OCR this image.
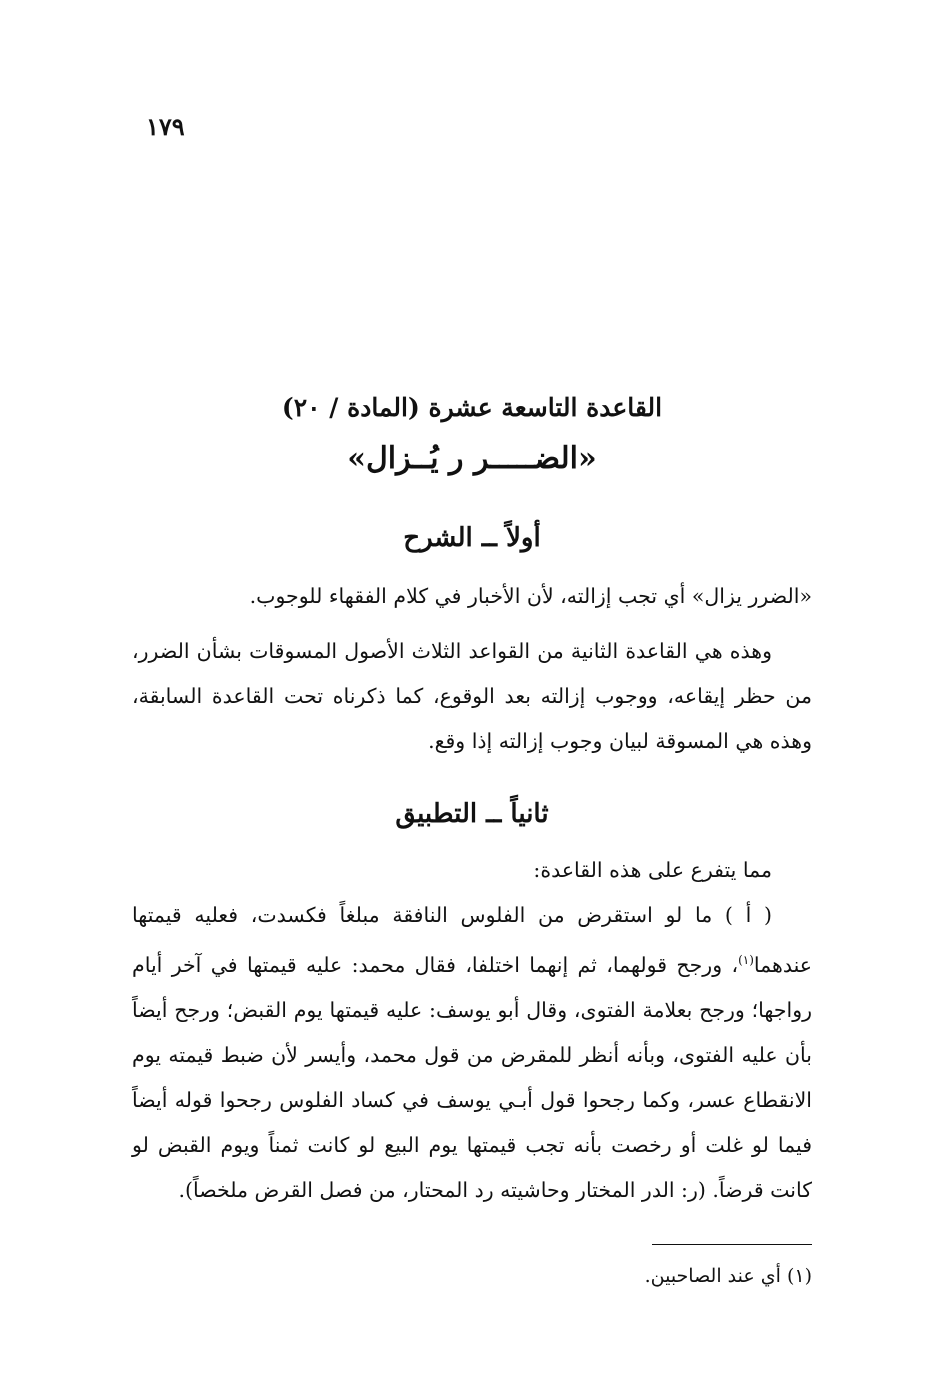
١٧٩
القاعدة التاسعة عشرة (المادة / ٢٠)
«الضـــــر ر يُــزال»
أولاً ــ الشرح

«الضرر يزال» أي تجب إزالته، لأن الأخبار في كلام الفقهاء للوجوب.

وهذه هي القاعدة الثانية من القواعد الثلاث الأصول المسوقات بشأن الضرر، من حظر إيقاعه، ووجوب إزالته بعد الوقوع، كما ذكرناه تحت القاعدة السابقة، وهذه هي المسوقة لبيان وجوب إزالته إذا وقع.

ثانياً ــ التطبيق

مما يتفرع على هذه القاعدة:

( أ ) ما لو استقرض من الفلوس النافقة مبلغاً فكسدت، فعليه قيمتها عندهما$^{(١)}$، ورجح قولهما، ثم إنهما اختلفا، فقال محمد: عليه قيمتها في آخر أيام رواجها؛ ورجح بعلامة الفتوى، وقال أبو يوسف: عليه قيمتها يوم القبض؛ ورجح أيضاً بأن عليه الفتوى، وبأنه أنظر للمقرض من قول محمد، وأيسر لأن ضبط قيمته يوم الانقطاع عسر، وكما رجحوا قول أبـي يوسف في كساد الفلوس رجحوا قوله أيضاً فيما لو غلت أو رخصت بأنه تجب قيمتها يوم البيع لو كانت ثمناً ويوم القبض لو كانت قرضاً. (ر: الدر المختار وحاشيته رد المحتار، من فصل القرض ملخصاً).

(١) أي عند الصاحبين.
